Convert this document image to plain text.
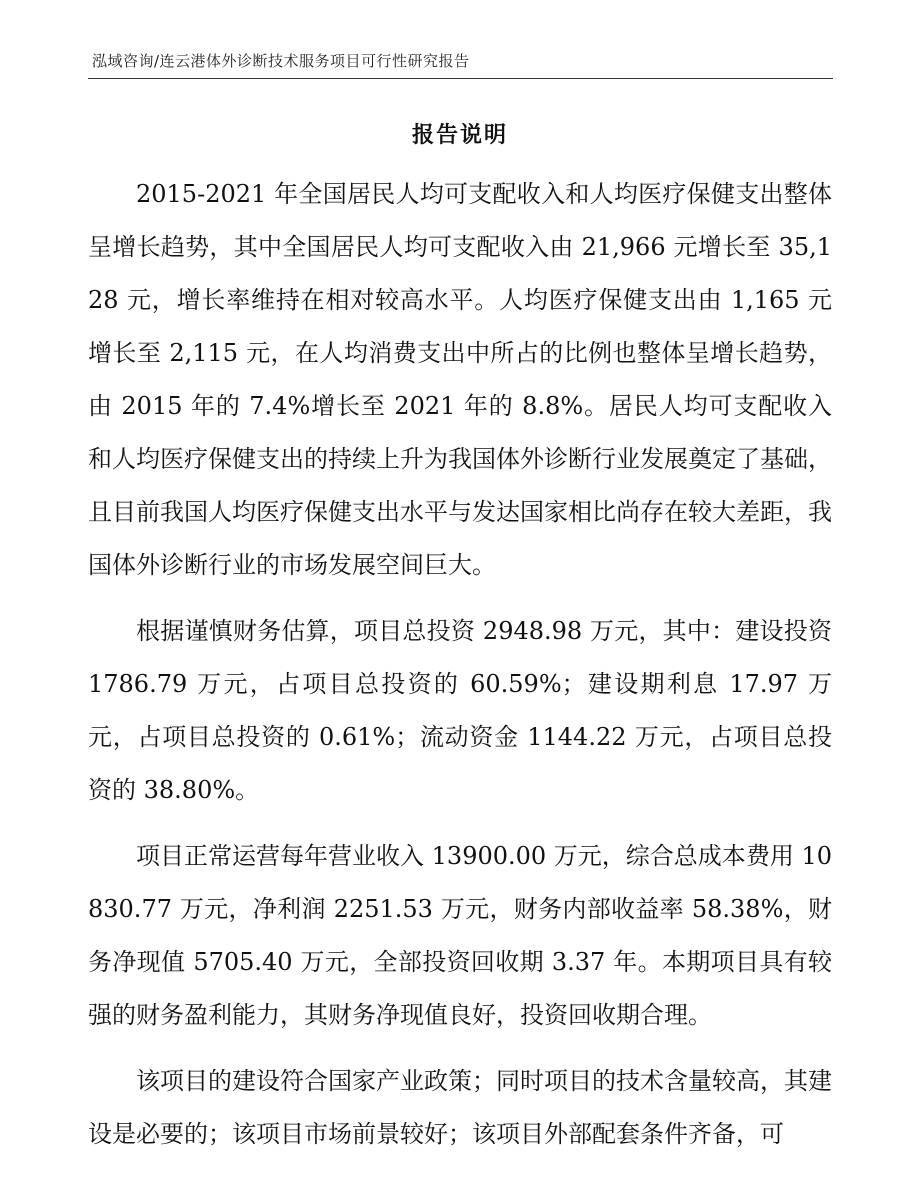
泓域咨询/连云港体外诊断技术服务项目可行性研究报告
报告说明

2015-2021 年全国居民人均可支配收入和人均医疗保健支出整体呈增长趋势，其中全国居民人均可支配收入由 21,966 元增长至 35,128 元，增长率维持在相对较高水平。人均医疗保健支出由 1,165 元增长至 2,115 元，在人均消费支出中所占的比例也整体呈增长趋势，由 2015 年的 7.4%增长至 2021 年的 8.8%。居民人均可支配收入和人均医疗保健支出的持续上升为我国体外诊断行业发展奠定了基础，且目前我国人均医疗保健支出水平与发达国家相比尚存在较大差距，我国体外诊断行业的市场发展空间巨大。

根据谨慎财务估算，项目总投资 2948.98 万元，其中：建设投资 1786.79 万元，占项目总投资的 60.59%；建设期利息 17.97 万元，占项目总投资的 0.61%；流动资金 1144.22 万元，占项目总投资的 38.80%。

项目正常运营每年营业收入 13900.00 万元，综合总成本费用 10830.77 万元，净利润 2251.53 万元，财务内部收益率 58.38%，财务净现值 5705.40 万元，全部投资回收期 3.37 年。本期项目具有较强的财务盈利能力，其财务净现值良好，投资回收期合理。

该项目的建设符合国家产业政策；同时项目的技术含量较高，其建设是必要的；该项目市场前景较好；该项目外部配套条件齐备，可
